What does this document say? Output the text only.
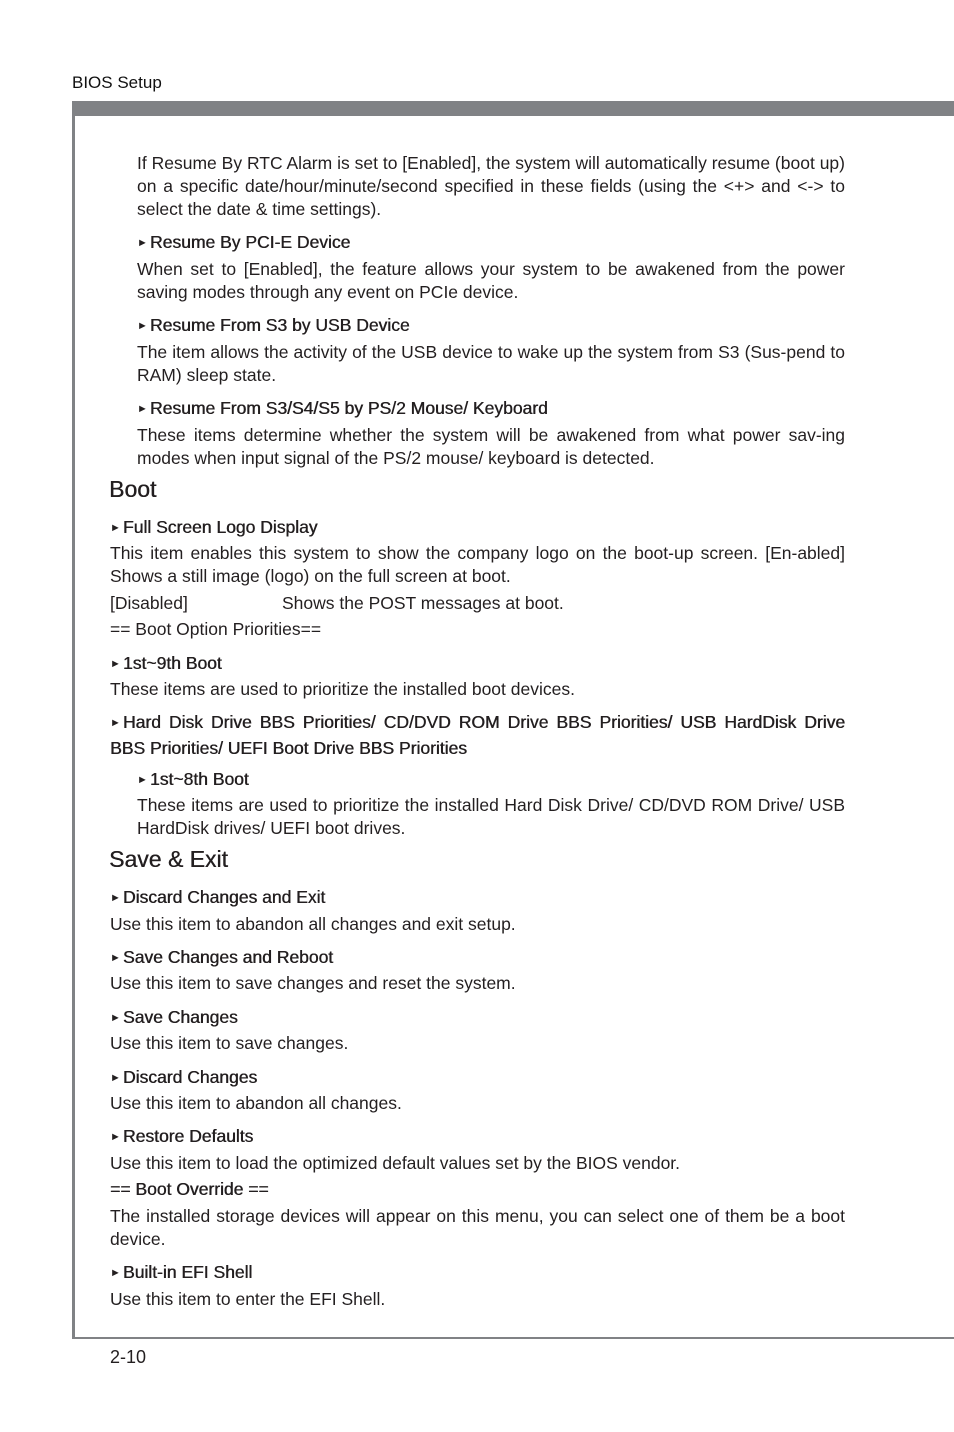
BIOS Setup
2-10

If Resume By RTC Alarm is set to [Enabled], the system will automatically resume (boot up) on a specific date/hour/minute/second specified in these fields (using the <+> and <-> to select the date & time settings).

► Resume By PCI-E Device

When set to [Enabled], the feature allows your system to be awakened from the power saving modes through any event on PCIe device.

► Resume From S3 by USB Device

The item allows the activity of the USB device to wake up the system from S3 (Sus-pend to RAM) sleep state.

► Resume From S3/S4/S5 by PS/2 Mouse/ Keyboard

These items determine whether the system will be awakened from what power sav-ing modes when input signal of the PS/2 mouse/ keyboard is detected.

Boot
► Full Screen Logo Display

This item enables this system to show the company logo on the boot-up screen. [En-abled] Shows a still image (logo) on the full screen at boot.

[Disabled]	Shows the POST messages at boot.
== Boot Option Priorities==
► 1st~9th Boot

These items are used to prioritize the installed boot devices.

► Hard Disk Drive BBS Priorities/ CD/DVD ROM Drive BBS Priorities/ USB HardDisk Drive BBS Priorities/ UEFI Boot Drive BBS Priorities
► 1st~8th Boot

These items are used to prioritize the installed Hard Disk Drive/ CD/DVD ROM Drive/ USB HardDisk drives/ UEFI boot drives.

Save & Exit
► Discard Changes and Exit

Use this item to abandon all changes and exit setup.

► Save Changes and Reboot

Use this item to save changes and reset the system.

► Save Changes

Use this item to save changes.

► Discard Changes

Use this item to abandon all changes.

► Restore Defaults

Use this item to load the optimized default values set by the BIOS vendor.

== Boot Override ==

The installed storage devices will appear on this menu, you can select one of them be a boot device.

► Built-in EFI Shell

Use this item to enter the EFI Shell.
